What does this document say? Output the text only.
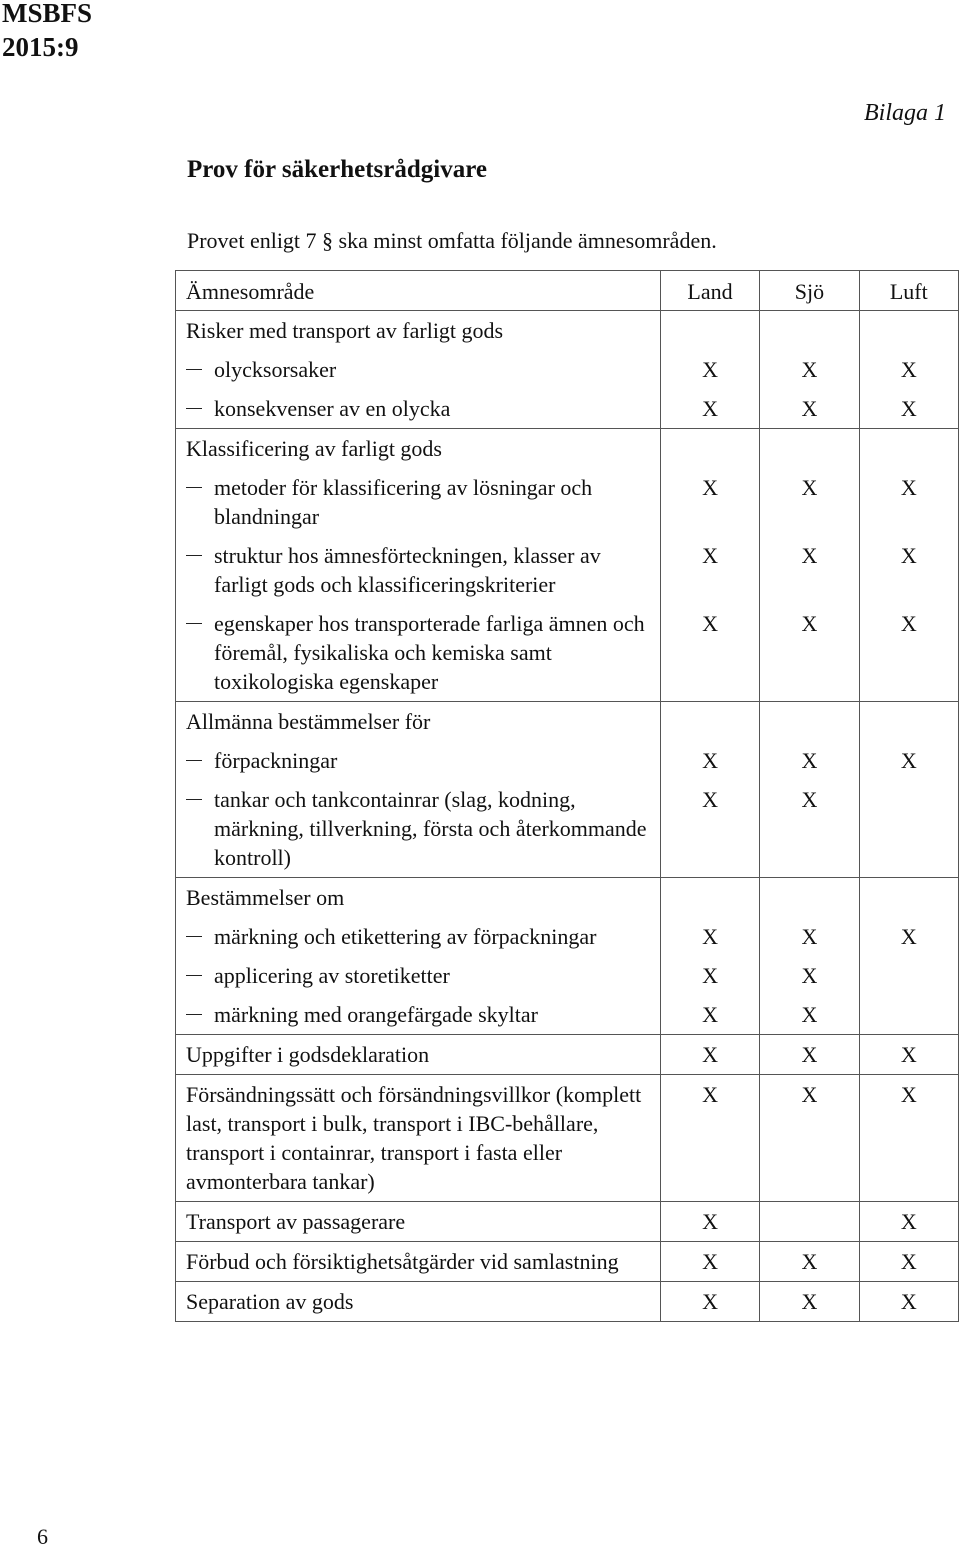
MSBFS
2015:9
Bilaga 1
Prov för säkerhetsrådgivare
Provet enligt 7 § ska minst omfatta följande ämnesområden.
Ämnesområde	Land	Sjö	Luft
Risker med transport av farligt gods			

olycksorsaker	X	X	X

konsekvenser av en olycka	X	X	X
Klassificering av farligt gods			

metoder för klassificering av lösningar och blandningar	X	X	X

struktur hos ämnesförteckningen, klasser av farligt gods och klassificeringskriterier	X	X	X

egenskaper hos transporterade farliga ämnen och föremål, fysikaliska och kemiska samt toxikologiska egenskaper	X	X	X
Allmänna bestämmelser för			

förpackningar	X	X	X

tankar och tankcontainrar (slag, kodning, märkning, tillverkning, första och återkommande kontroll)	X	X	
Bestämmelser om			

märkning och etikettering av förpackningar	X	X	X

applicering av storetiketter	X	X	

märkning med orangefärgade skyltar	X	X	
Uppgifter i godsdeklaration	X	X	X
Försändningssätt och försändningsvillkor (komplett last, transport i bulk, transport i IBC-behållare, transport i containrar, transport i fasta eller avmonterbara tankar)	X	X	X
Transport av passagerare	X		X
Förbud och försiktighetsåtgärder vid samlastning	X	X	X
Separation av gods	X	X	X
6
